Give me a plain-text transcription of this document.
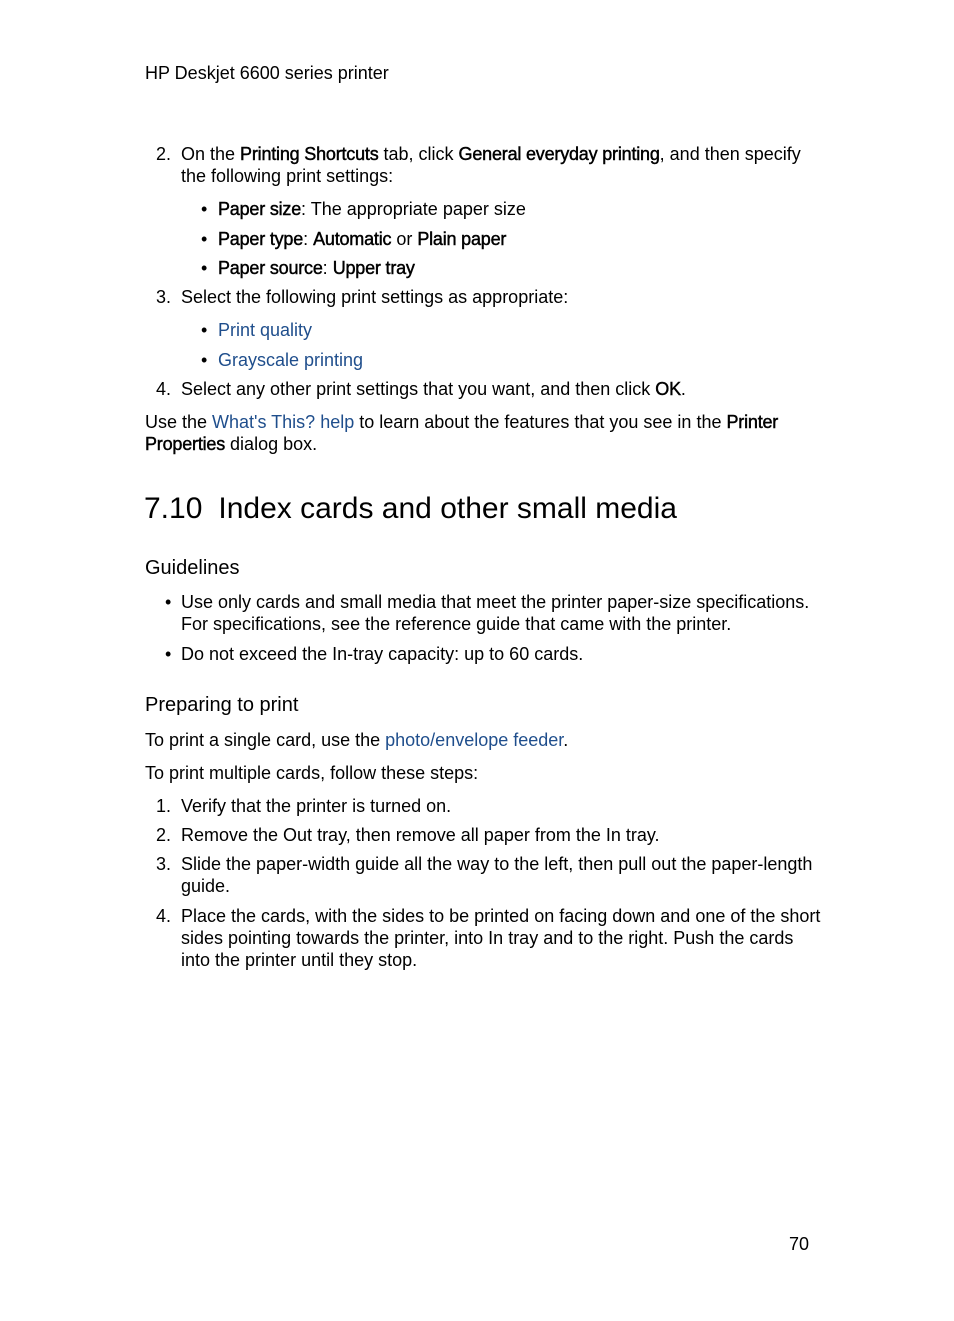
HP Deskjet 6600 series printer
2. On the Printing Shortcuts tab, click General everyday printing, and then specify the following print settings:
• Paper size: The appropriate paper size
• Paper type: Automatic or Plain paper
• Paper source: Upper tray
3. Select the following print settings as appropriate:
• Print quality
• Grayscale printing
4. Select any other print settings that you want, and then click OK.
Use the What's This? help to learn about the features that you see in the Printer
Properties dialog box.
7.10 Index cards and other small media
Guidelines
• Use only cards and small media that meet the printer paper-size specifications. For specifications, see the reference guide that came with the printer.
• Do not exceed the In-tray capacity: up to 60 cards.
Preparing to print
To print a single card, use the photo/envelope feeder.
To print multiple cards, follow these steps:
1. Verify that the printer is turned on.
2. Remove the Out tray, then remove all paper from the In tray.
3. Slide the paper-width guide all the way to the left, then pull out the paper-length guide.
4. Place the cards, with the sides to be printed on facing down and one of the short sides pointing towards the printer, into In tray and to the right. Push the cards into the printer until they stop.
70
